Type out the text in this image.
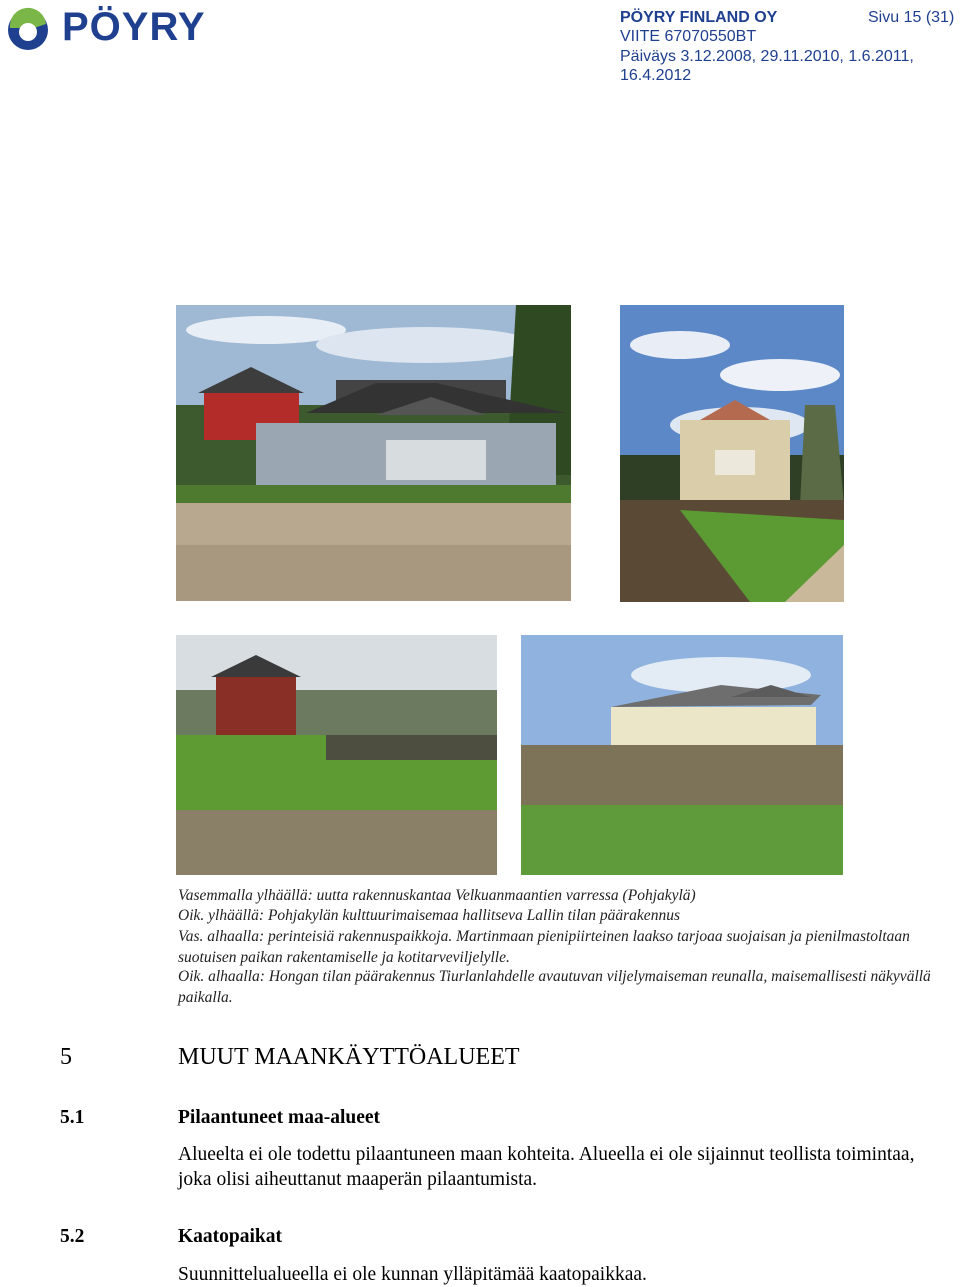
PÖYRY	PÖYRY FINLAND OY	Sivu 15 (31)
VIITE 67070550BT
Päiväys 3.12.2008, 29.11.2010, 1.6.2011,
16.4.2012
Vasemmalla ylhäällä: uutta rakennuskantaa Velkuanmaantien varressa (Pohjakylä)
Oik. ylhäällä: Pohjakylän kulttuurimaisemaa hallitseva Lallin tilan päärakennus
Vas. alhaalla: perinteisiä rakennuspaikkoja. Martinmaan pienipiirteinen laakso tarjoaa suojaisan ja pienilmastoltaan suotuisen paikan rakentamiselle ja kotitarveviljelylle.
Oik. alhaalla: Hongan tilan päärakennus Tiurlanlahdelle avautuvan viljelymaiseman reunalla, maisemallisesti näkyvällä paikalla.
5	MUUT MAANKÄYTTÖALUEET
5.1	Pilaantuneet maa-alueet
Alueelta ei ole todettu pilaantuneen maan kohteita. Alueella ei ole sijainnut teollista toimintaa, joka olisi aiheuttanut maaperän pilaantumista.
5.2	Kaatopaikat
Suunnittelualueella ei ole kunnan ylläpitämää kaatopaikkaa.
